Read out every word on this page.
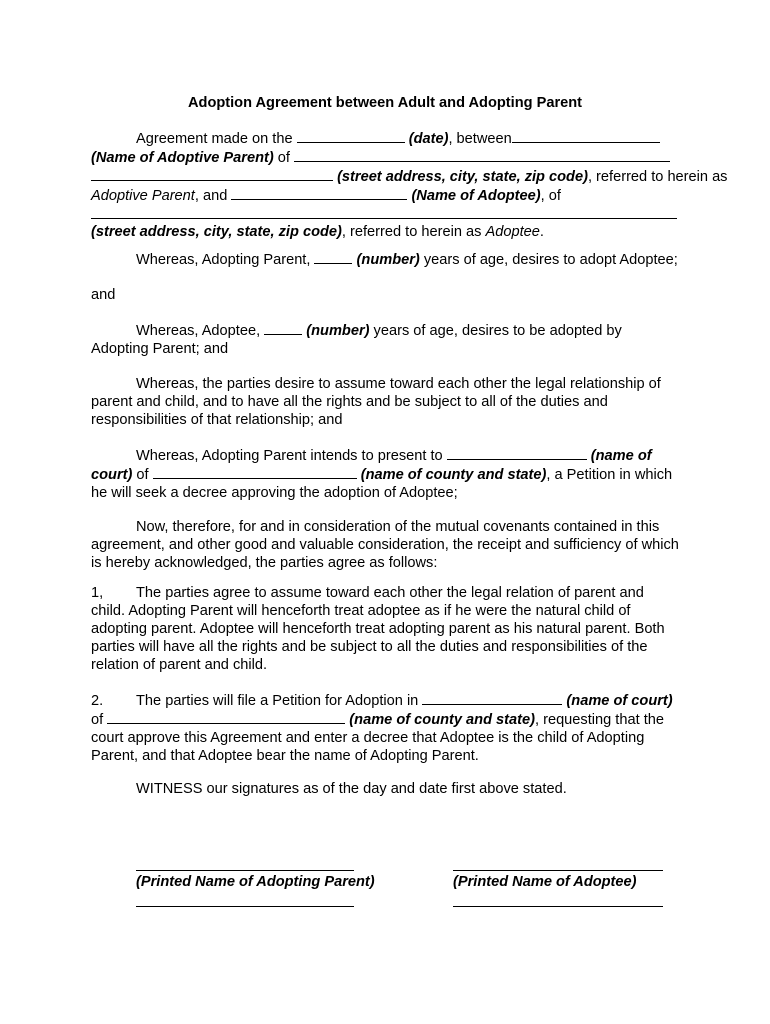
Adoption Agreement between Adult and Adopting Parent

Agreement made on the	(date), between

(Name of Adoptive Parent) of

(street address, city, state, zip code), referred to herein as

Adoptive Parent, and	(Name of Adoptee), of

(street address, city, state, zip code), referred to herein as Adoptee.

Whereas, Adopting Parent,	(number) years of age, desires to adopt Adoptee;

and

Whereas, Adoptee,	(number) years of age, desires to be adopted by Adopting Parent; and

Whereas, the parties desire to assume toward each other the legal relationship of parent and child, and to have all the rights and be subject to all of the duties and responsibilities of that relationship; and

Whereas, Adopting Parent intends to present to	(name of court) of	(name of county and state), a Petition in which he will seek a decree approving the adoption of Adoptee;

Now, therefore, for and in consideration of the mutual covenants contained in this agreement, and other good and valuable consideration, the receipt and sufficiency of which is hereby acknowledged, the parties agree as follows:

1, The parties agree to assume toward each other the legal relation of parent and child. Adopting Parent will henceforth treat adoptee as if he were the natural child of adopting parent. Adoptee will henceforth treat adopting parent as his natural parent. Both parties will have all the rights and be subject to all the duties and responsibilities of the relation of parent and child.

2. The parties will file a Petition for Adoption in	(name of court) of	(name of county and state), requesting that the court approve this Agreement and enter a decree that Adoptee is the child of Adopting Parent, and that Adoptee bear the name of Adopting Parent.

WITNESS our signatures as of the day and date first above stated.

(Printed Name of Adopting Parent)	(Printed Name of Adoptee)
